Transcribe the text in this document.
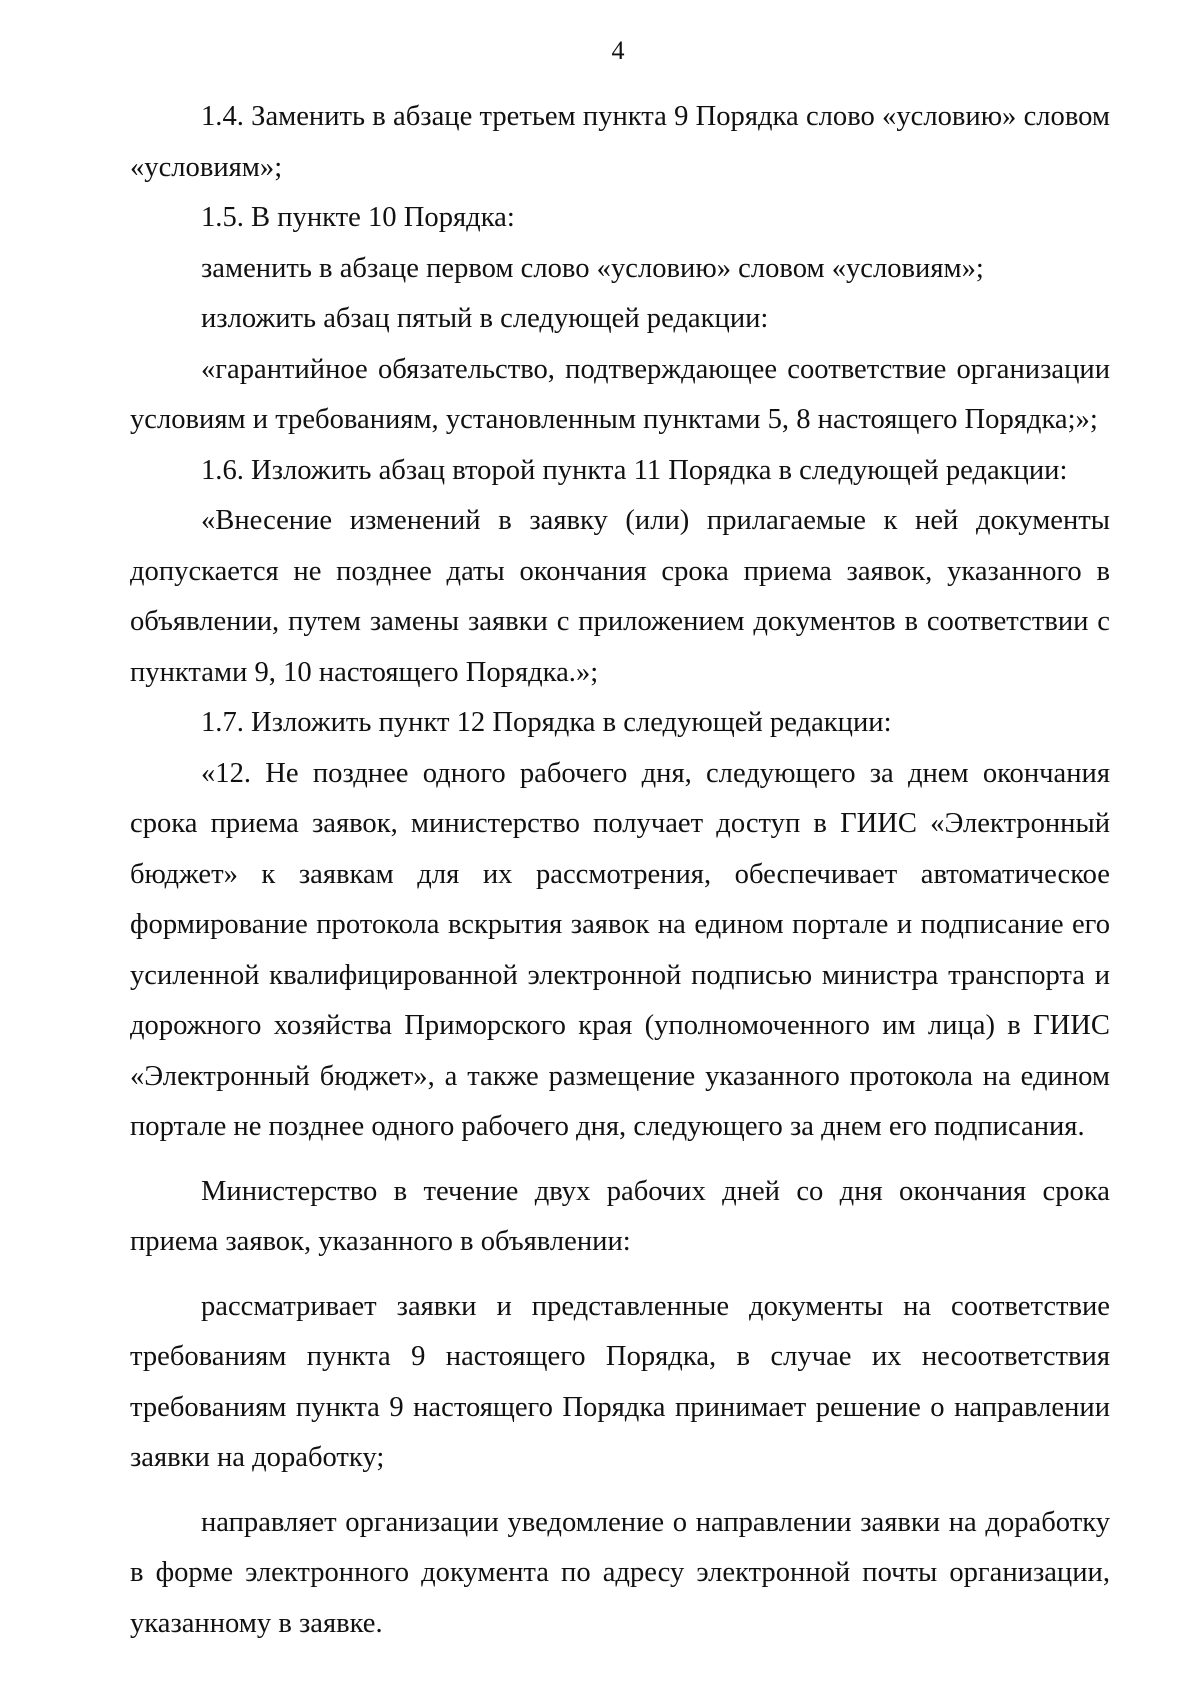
4

1.4. Заменить в абзаце третьем пункта 9 Порядка слово «условию» словом «условиям»;

1.5. В пункте 10 Порядка:

заменить в абзаце первом слово «условию» словом «условиям»;

изложить абзац пятый в следующей редакции:

«гарантийное обязательство, подтверждающее соответствие организации условиям и требованиям, установленным пунктами 5, 8 настоящего Порядка;»;

1.6. Изложить абзац второй пункта 11 Порядка в следующей редакции:

«Внесение изменений в заявку (или) прилагаемые к ней документы допускается не позднее даты окончания срока приема заявок, указанного в объявлении, путем замены заявки с приложением документов в соответствии с пунктами 9, 10 настоящего Порядка.»;

1.7. Изложить пункт 12 Порядка в следующей редакции:

«12. Не позднее одного рабочего дня, следующего за днем окончания срока приема заявок, министерство получает доступ в ГИИС «Электронный бюджет» к заявкам для их рассмотрения, обеспечивает автоматическое формирование протокола вскрытия заявок на едином портале и подписание его усиленной квалифицированной электронной подписью министра транспорта и дорожного хозяйства Приморского края (уполномоченного им лица) в ГИИС «Электронный бюджет», а также размещение указанного протокола на едином портале не позднее одного рабочего дня, следующего за днем его подписания.

Министерство в течение двух рабочих дней со дня окончания срока приема заявок, указанного в объявлении:

рассматривает заявки и представленные документы на соответствие требованиям пункта 9 настоящего Порядка, в случае их несоответствия требованиям пункта 9 настоящего Порядка принимает решение о направлении заявки на доработку;

направляет организации уведомление о направлении заявки на доработку в форме электронного документа по адресу электронной почты организации, указанному в заявке.
